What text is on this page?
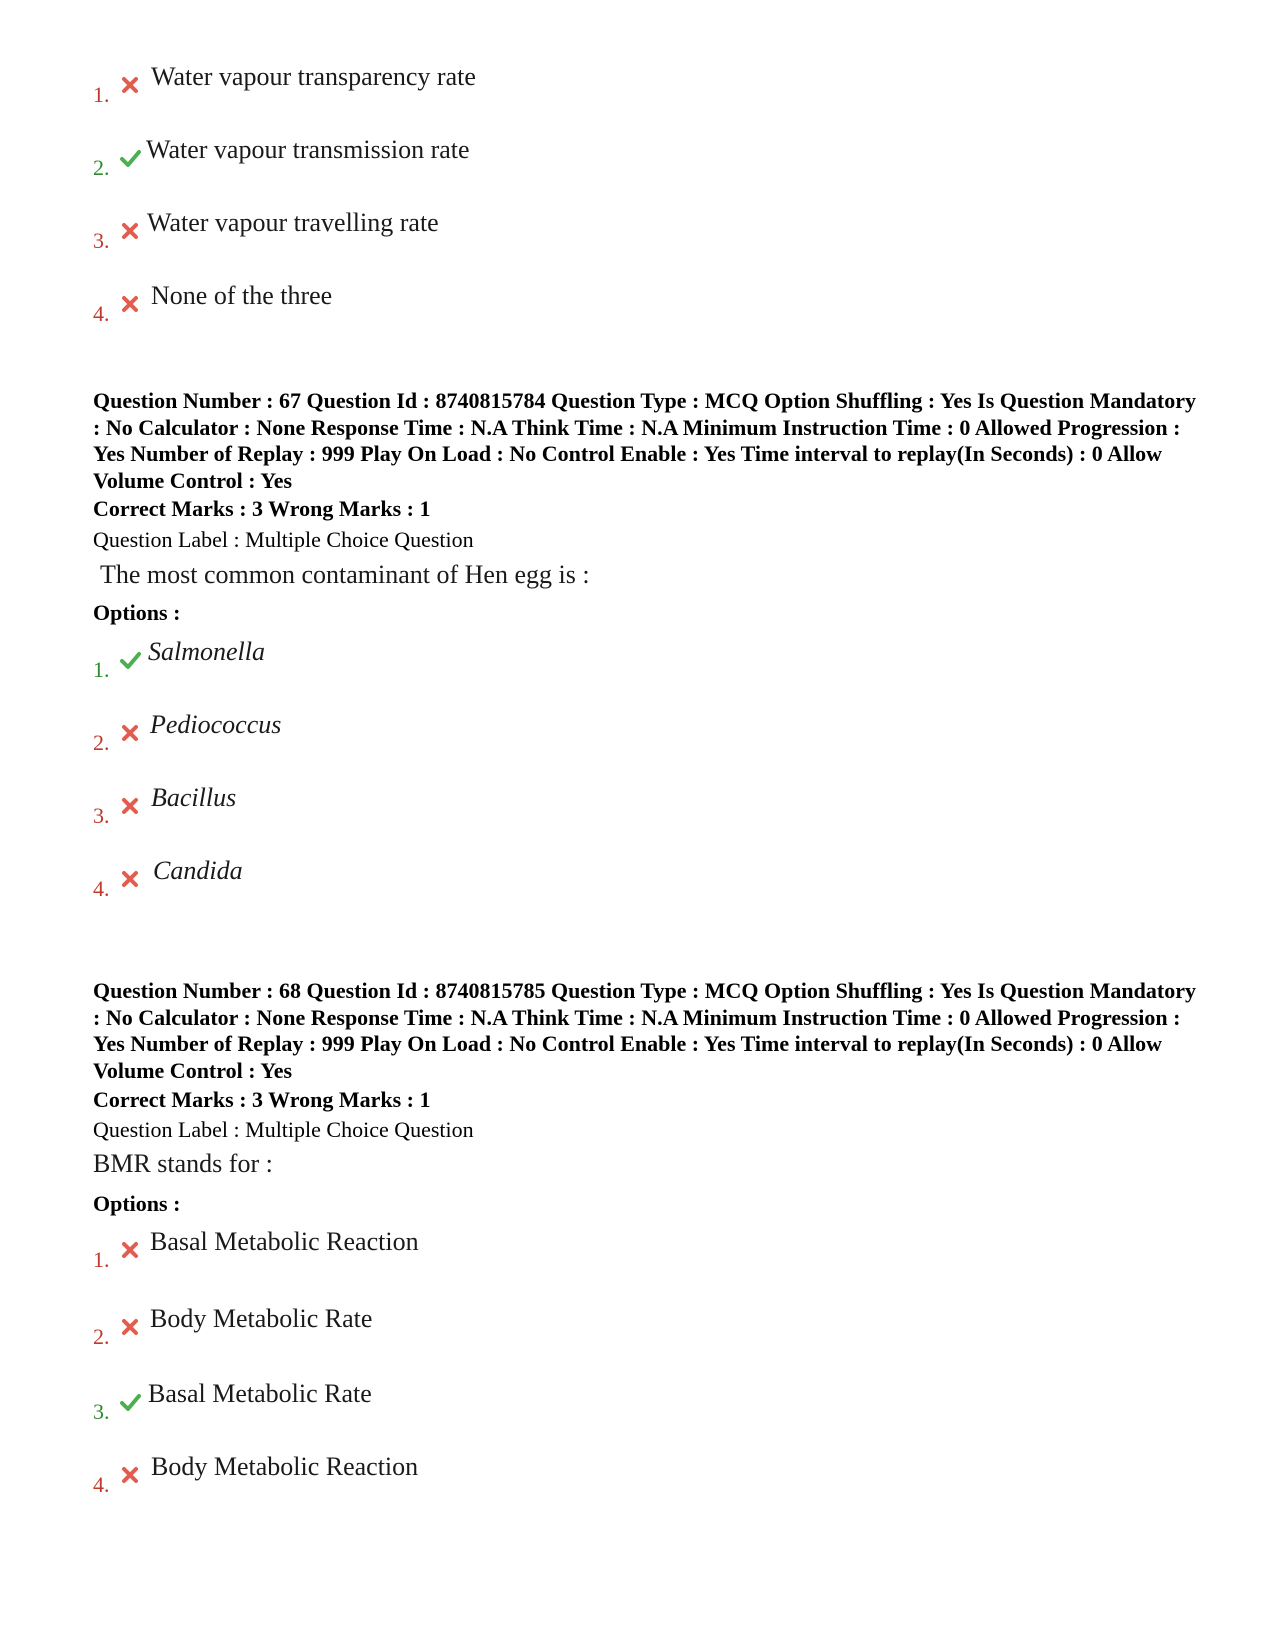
1.
Water vapour transparency rate
2.
Water vapour transmission rate
3.
Water vapour travelling rate
4.
None of the three
Question Number : 67 Question Id : 8740815784 Question Type : MCQ Option Shuffling : Yes Is Question Mandatory : No Calculator : None Response Time : N.A Think Time : N.A Minimum Instruction Time : 0 Allowed Progression : Yes Number of Replay : 999 Play On Load : No Control Enable : Yes Time interval to replay(In Seconds) : 0 Allow Volume Control : Yes
Correct Marks : 3 Wrong Marks : 1
Question Label : Multiple Choice Question
The most common contaminant of Hen egg is :
Options :
1.
Salmonella
2.
Pediococcus
3.
Bacillus
4.
Candida
Question Number : 68 Question Id : 8740815785 Question Type : MCQ Option Shuffling : Yes Is Question Mandatory : No Calculator : None Response Time : N.A Think Time : N.A Minimum Instruction Time : 0 Allowed Progression : Yes Number of Replay : 999 Play On Load : No Control Enable : Yes Time interval to replay(In Seconds) : 0 Allow Volume Control : Yes
Correct Marks : 3 Wrong Marks : 1
Question Label : Multiple Choice Question
BMR stands for :
Options :
1.
Basal Metabolic Reaction
2.
Body Metabolic Rate
3.
Basal Metabolic Rate
4.
Body Metabolic Reaction
